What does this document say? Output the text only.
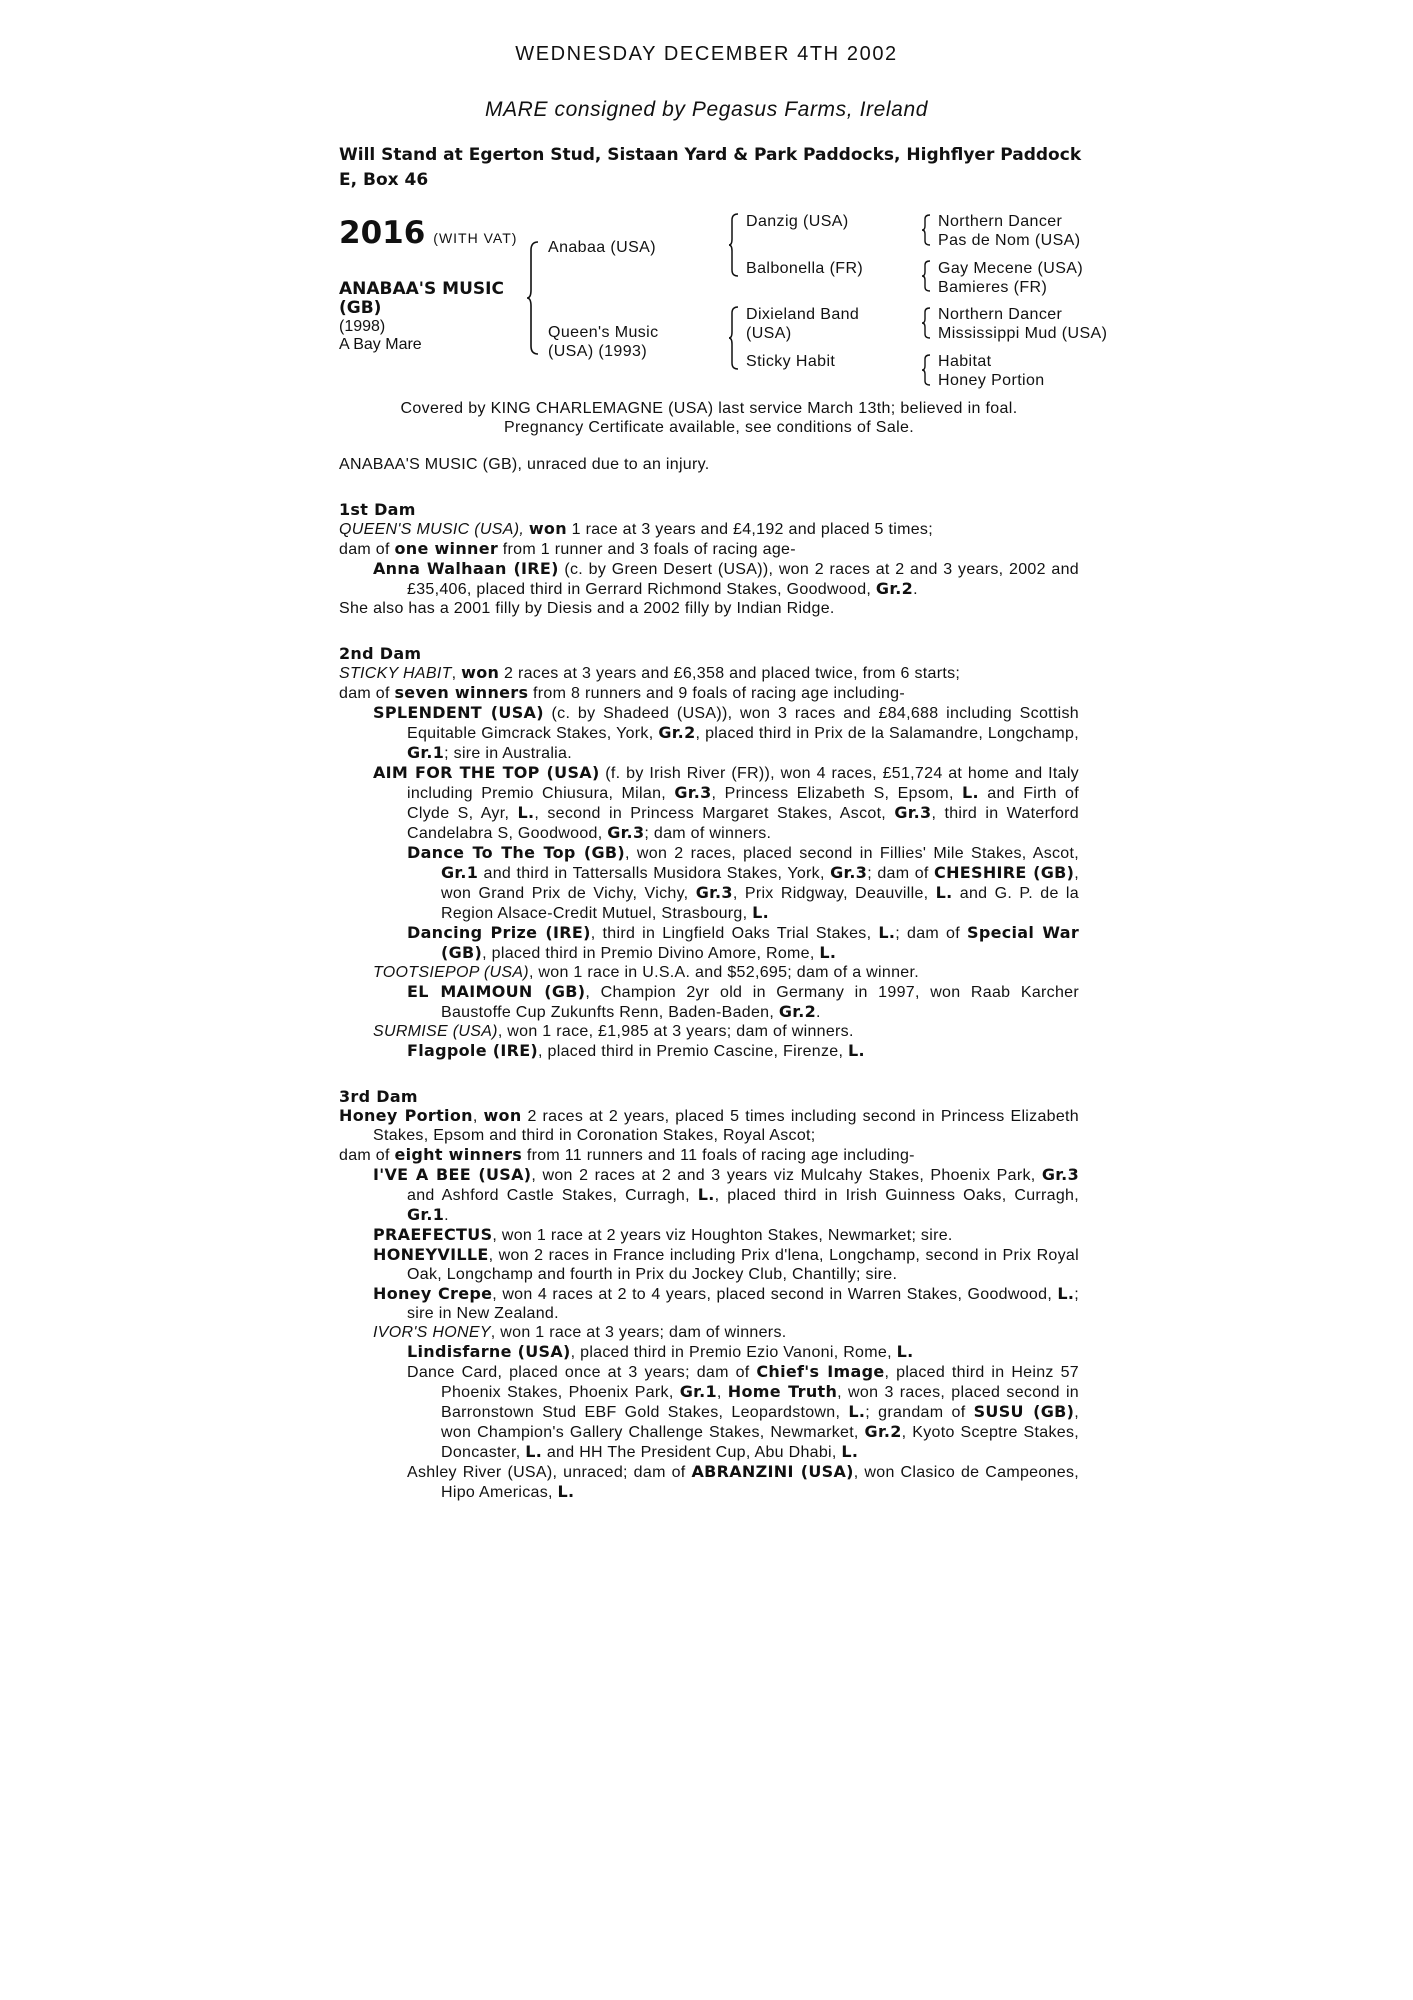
WEDNESDAY DECEMBER 4TH 2002
MARE consigned by Pegasus Farms, Ireland
Will Stand at Egerton Stud, Sistaan Yard & Park Paddocks, Highflyer Paddock E, Box 46
2016 (WITH VAT)
ANABAA'S MUSIC (GB)
(1998)
A Bay Mare
Anabaa (USA)
Queen's Music (USA) (1993)
Danzig (USA)
Balbonella (FR)
Dixieland Band (USA)
Sticky Habit
Northern Dancer
Pas de Nom (USA)
Gay Mecene (USA)
Bamieres (FR)
Northern Dancer
Mississippi Mud (USA)
Habitat
Honey Portion
Covered by KING CHARLEMAGNE (USA) last service March 13th; believed in foal.
Pregnancy Certificate available, see conditions of Sale.

ANABAA'S MUSIC (GB), unraced due to an injury.

1st Dam

QUEEN'S MUSIC (USA), won 1 race at 3 years and £4,192 and placed 5 times;

dam of one winner from 1 runner and 3 foals of racing age-

Anna Walhaan (IRE) (c. by Green Desert (USA)), won 2 races at 2 and 3 years, 2002 and £35,406, placed third in Gerrard Richmond Stakes, Goodwood, Gr.2.

She also has a 2001 filly by Diesis and a 2002 filly by Indian Ridge.

2nd Dam

STICKY HABIT, won 2 races at 3 years and £6,358 and placed twice, from 6 starts;

dam of seven winners from 8 runners and 9 foals of racing age including-

SPLENDENT (USA) (c. by Shadeed (USA)), won 3 races and £84,688 including Scottish Equitable Gimcrack Stakes, York, Gr.2, placed third in Prix de la Salamandre, Longchamp, Gr.1; sire in Australia.

AIM FOR THE TOP (USA) (f. by Irish River (FR)), won 4 races, £51,724 at home and Italy including Premio Chiusura, Milan, Gr.3, Princess Elizabeth S, Epsom, L. and Firth of Clyde S, Ayr, L., second in Princess Margaret Stakes, Ascot, Gr.3, third in Waterford Candelabra S, Goodwood, Gr.3; dam of winners.

Dance To The Top (GB), won 2 races, placed second in Fillies' Mile Stakes, Ascot, Gr.1 and third in Tattersalls Musidora Stakes, York, Gr.3; dam of CHESHIRE (GB), won Grand Prix de Vichy, Vichy, Gr.3, Prix Ridgway, Deauville, L. and G. P. de la Region Alsace-Credit Mutuel, Strasbourg, L.

Dancing Prize (IRE), third in Lingfield Oaks Trial Stakes, L.; dam of Special War (GB), placed third in Premio Divino Amore, Rome, L.

TOOTSIEPOP (USA), won 1 race in U.S.A. and $52,695; dam of a winner.

EL MAIMOUN (GB), Champion 2yr old in Germany in 1997, won Raab Karcher Baustoffe Cup Zukunfts Renn, Baden-Baden, Gr.2.

SURMISE (USA), won 1 race, £1,985 at 3 years; dam of winners.

Flagpole (IRE), placed third in Premio Cascine, Firenze, L.

3rd Dam

Honey Portion, won 2 races at 2 years, placed 5 times including second in Princess Elizabeth Stakes, Epsom and third in Coronation Stakes, Royal Ascot;

dam of eight winners from 11 runners and 11 foals of racing age including-

I'VE A BEE (USA), won 2 races at 2 and 3 years viz Mulcahy Stakes, Phoenix Park, Gr.3 and Ashford Castle Stakes, Curragh, L., placed third in Irish Guinness Oaks, Curragh, Gr.1.

PRAEFECTUS, won 1 race at 2 years viz Houghton Stakes, Newmarket; sire.

HONEYVILLE, won 2 races in France including Prix d'lena, Longchamp, second in Prix Royal Oak, Longchamp and fourth in Prix du Jockey Club, Chantilly; sire.

Honey Crepe, won 4 races at 2 to 4 years, placed second in Warren Stakes, Goodwood, L.; sire in New Zealand.

IVOR'S HONEY, won 1 race at 3 years; dam of winners.

Lindisfarne (USA), placed third in Premio Ezio Vanoni, Rome, L.

Dance Card, placed once at 3 years; dam of Chief's Image, placed third in Heinz 57 Phoenix Stakes, Phoenix Park, Gr.1, Home Truth, won 3 races, placed second in Barronstown Stud EBF Gold Stakes, Leopardstown, L.; grandam of SUSU (GB), won Champion's Gallery Challenge Stakes, Newmarket, Gr.2, Kyoto Sceptre Stakes, Doncaster, L. and HH The President Cup, Abu Dhabi, L.

Ashley River (USA), unraced; dam of ABRANZINI (USA), won Clasico de Campeones, Hipo Americas, L.
